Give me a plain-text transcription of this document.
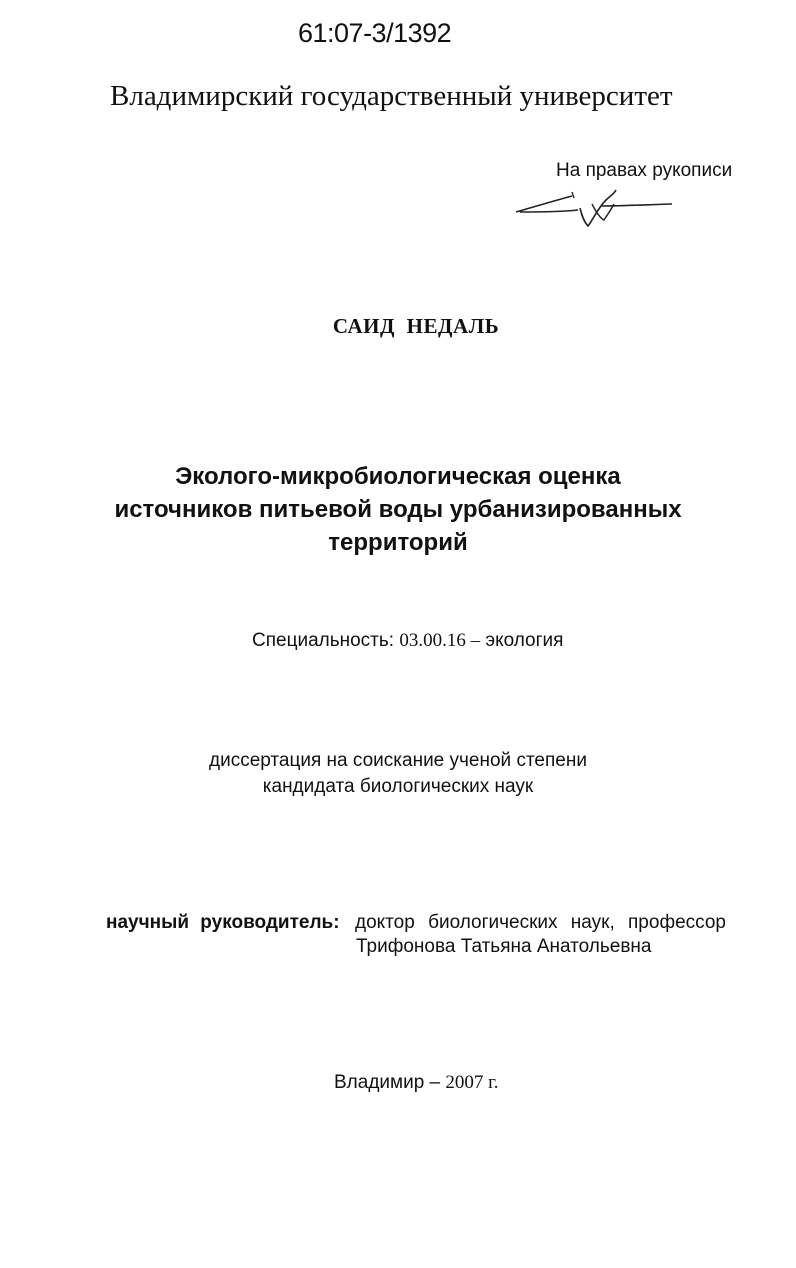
61:07-3/1392
Владимирский государственный университет
На правах рукописи
САИД НЕДАЛЬ
Эколого-микробиологическая оценка
источников питьевой воды урбанизированных
территорий
Специальность: 03.00.16 – экология
диссертация на соискание ученой степени
кандидата биологических наук
научный руководитель: доктор биологических наук, профессор
Трифонова Татьяна Анатольевна
Владимир – 2007 г.
